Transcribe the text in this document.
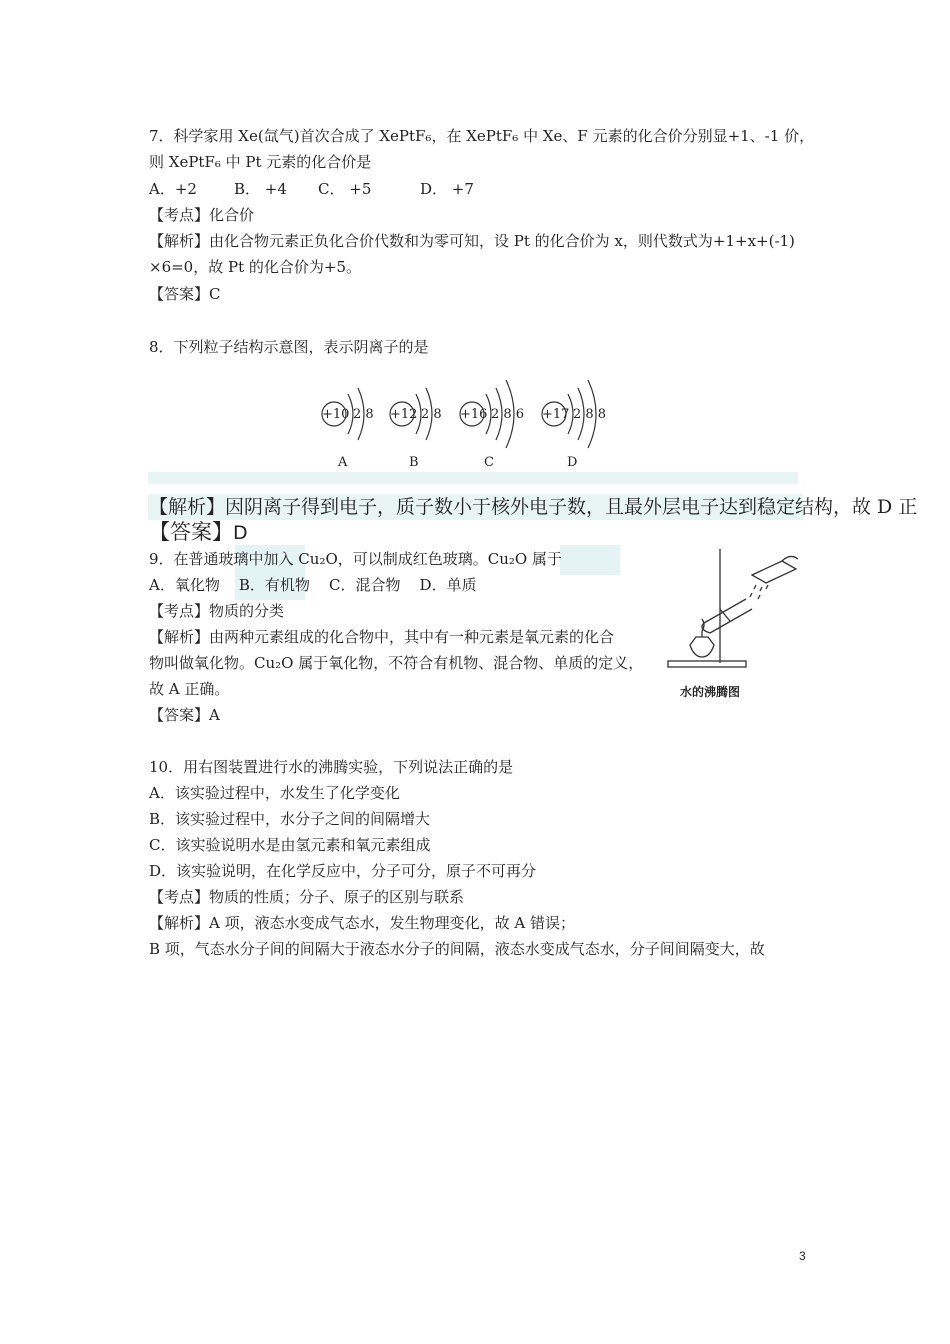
7．科学家用 Xe(氙气)首次合成了 XePtF₆，在 XePtF₆ 中 Xe、F 元素的化合价分别显+1、-1 价，
则 XePtF₆ 中 Pt 元素的化合价是
A．+2 B． +4 C． +5	D． +7
【考点】化合价
【解析】由化合物元素正负化合价代数和为零可知，设 Pt 的化合价为 x，则代数式为+1+x+(-1)
×6=0，故 Pt 的化合价为+5。
【答案】C
8．下列粒子结构示意图，表示阴离子的是
+10 2 8
A
+12 2 8
B
+16 2 8 6
C
+17 2 8 8
D
【解析】因阴离子得到电子，质子数小于核外电子数，且最外层电子达到稳定结构，故 D 正
【答案】D
9．在普通玻璃中加入 Cu₂O，可以制成红色玻璃。Cu₂O 属于
A．氧化物    B．有机物    C．混合物    D．单质
【考点】物质的分类
【解析】由两种元素组成的化合物中，其中有一种元素是氧元素的化合
物叫做氧化物。Cu₂O 属于氧化物，不符合有机物、混合物、单质的定义，
故 A 正确。
【答案】A
水的沸腾图
10．用右图装置进行水的沸腾实验，下列说法正确的是
A．该实验过程中，水发生了化学变化
B．该实验过程中，水分子之间的间隔增大
C．该实验说明水是由氢元素和氧元素组成
D．该实验说明，在化学反应中，分子可分，原子不可再分
【考点】物质的性质；分子、原子的区别与联系
【解析】A 项，液态水变成气态水，发生物理变化，故 A 错误；
B 项，气态水分子间的间隔大于液态水分子的间隔，液态水变成气态水，分子间间隔变大，故
3
